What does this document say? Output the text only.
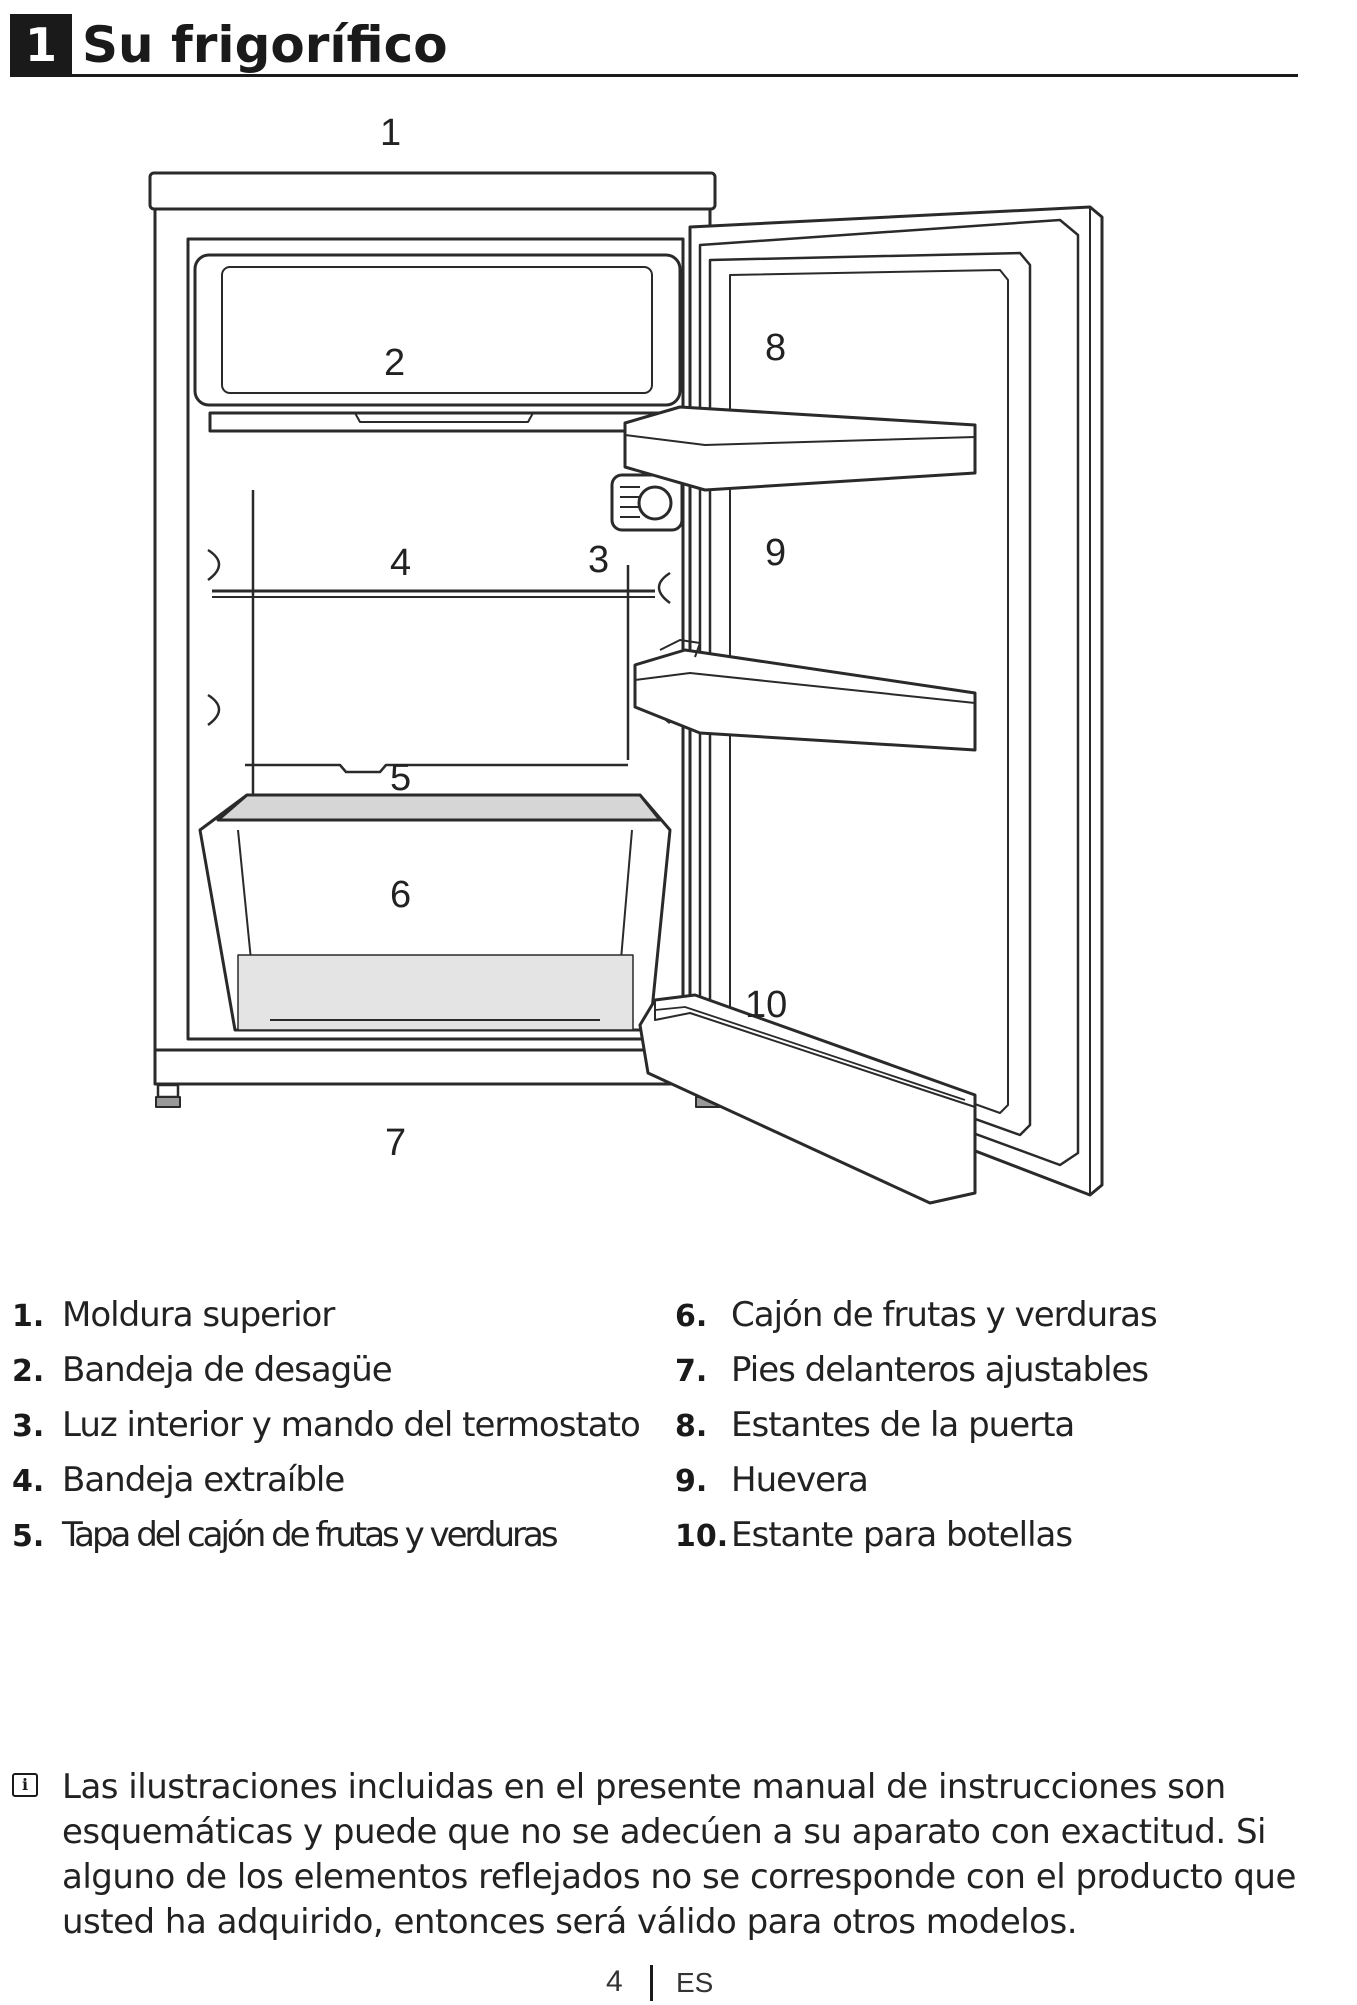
1 Su frigorífico
1
2
3
4
5
6
7
8
9
10
1. Moldura superior
2. Bandeja de desagüe
3. Luz interior y mando del termostato
4. Bandeja extraíble
5. Tapa del cajón de frutas y verduras
6. Cajón de frutas y verduras
7. Pies delanteros ajustables
8. Estantes de la puerta
9. Huevera
10.Estante para botellas
i Las ilustraciones incluidas en el presente manual de instrucciones son esquemáticas y puede que no se adecúen a su aparato con exactitud. Si alguno de los elementos reflejados no se corresponde con el producto que usted ha adquirido, entonces será válido para otros modelos.
4 ES
